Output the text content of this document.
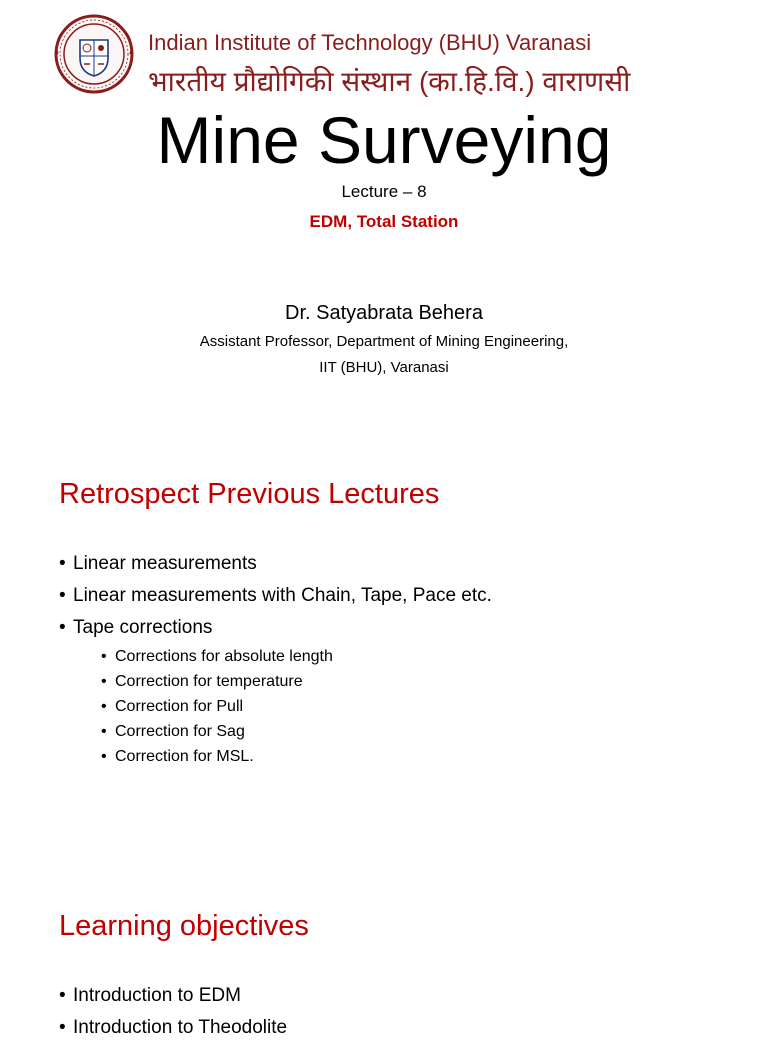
Indian Institute of Technology (BHU) Varanasi
भारतीय प्रौद्योगिकी संस्थान (का.हि.वि.) वाराणसी
Mine Surveying
Lecture – 8
EDM, Total Station
Dr. Satyabrata Behera
Assistant Professor, Department of Mining Engineering,
IIT (BHU), Varanasi
Retrospect Previous Lectures
• Linear measurements
• Linear measurements with Chain, Tape, Pace etc.
• Tape corrections
• Corrections for absolute length
• Correction for temperature
• Correction for Pull
• Correction for Sag
• Correction for MSL.
Learning objectives
• Introduction to EDM
• Introduction to Theodolite
